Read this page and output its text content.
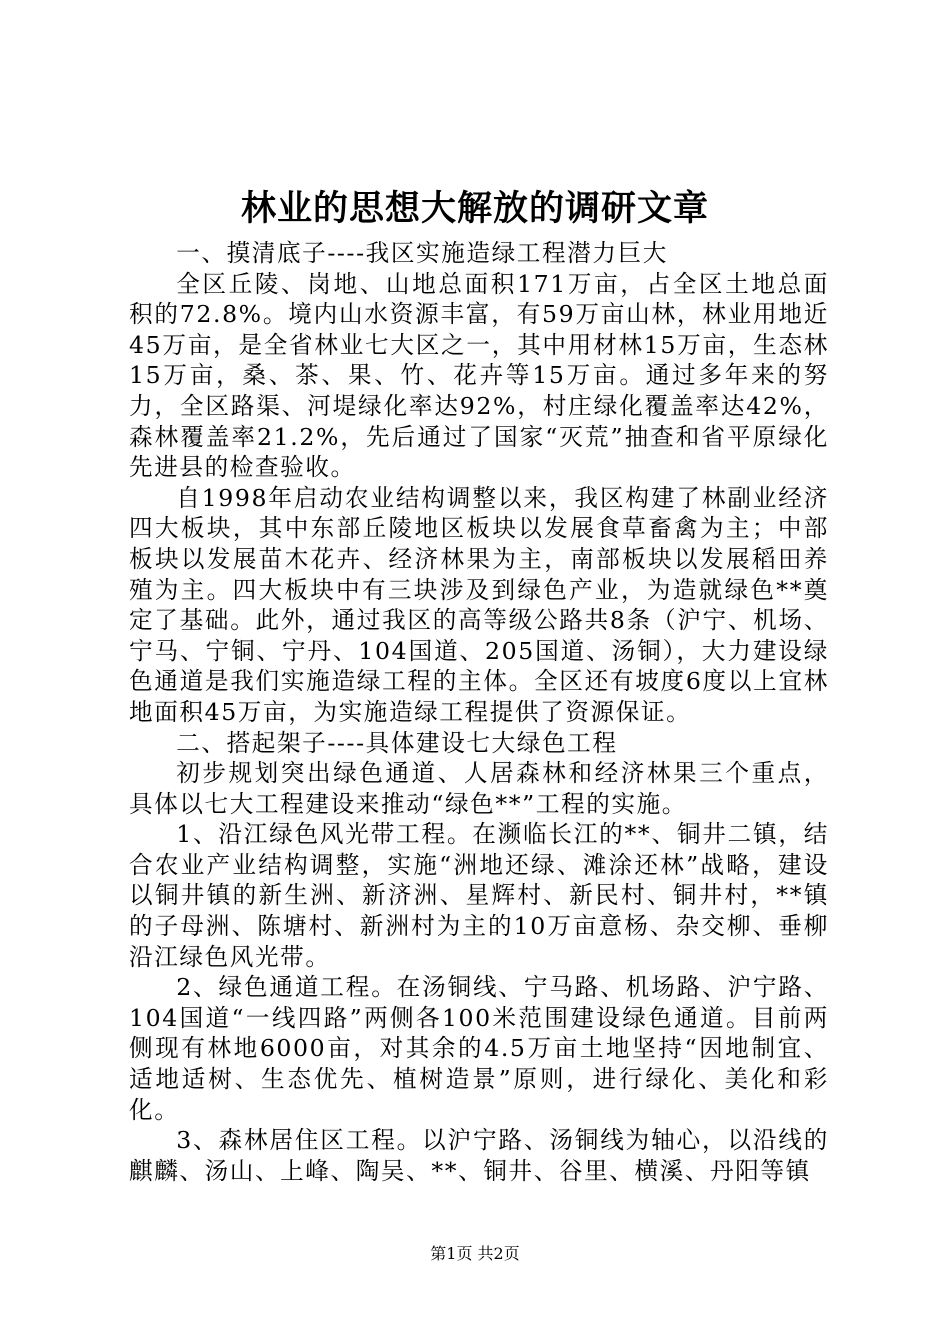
林业的思想大解放的调研文章

一、摸清底子----我区实施造绿工程潜力巨大

全区丘陵、岗地、山地总面积171万亩，占全区土地总面积的72.8%。境内山水资源丰富，有59万亩山林，林业用地近45万亩，是全省林业七大区之一，其中用材林15万亩，生态林15万亩，桑、茶、果、竹、花卉等15万亩。通过多年来的努力，全区路渠、河堤绿化率达92%，村庄绿化覆盖率达42%，森林覆盖率21.2%，先后通过了国家“灭荒”抽查和省平原绿化先进县的检查验收。

自1998年启动农业结构调整以来，我区构建了林副业经济四大板块，其中东部丘陵地区板块以发展食草畜禽为主；中部板块以发展苗木花卉、经济林果为主，南部板块以发展稻田养殖为主。四大板块中有三块涉及到绿色产业，为造就绿色**奠定了基础。此外，通过我区的高等级公路共8条（沪宁、机场、宁马、宁铜、宁丹、104国道、205国道、汤铜），大力建设绿色通道是我们实施造绿工程的主体。全区还有坡度6度以上宜林地面积45万亩，为实施造绿工程提供了资源保证。

二、搭起架子----具体建设七大绿色工程

初步规划突出绿色通道、人居森林和经济林果三个重点，具体以七大工程建设来推动“绿色**”工程的实施。

1、沿江绿色风光带工程。在濒临长江的**、铜井二镇，结合农业产业结构调整，实施“洲地还绿、滩涂还林”战略，建设以铜井镇的新生洲、新济洲、星辉村、新民村、铜井村，**镇的子母洲、陈塘村、新洲村为主的10万亩意杨、杂交柳、垂柳沿江绿色风光带。

2、绿色通道工程。在汤铜线、宁马路、机场路、沪宁路、104国道“一线四路”两侧各100米范围建设绿色通道。目前两侧现有林地6000亩，对其余的4.5万亩土地坚持“因地制宜、适地适树、生态优先、植树造景”原则，进行绿化、美化和彩化。

3、森林居住区工程。以沪宁路、汤铜线为轴心，以沿线的麒麟、汤山、上峰、陶吴、**、铜井、谷里、横溪、丹阳等镇

第1页 共2页
